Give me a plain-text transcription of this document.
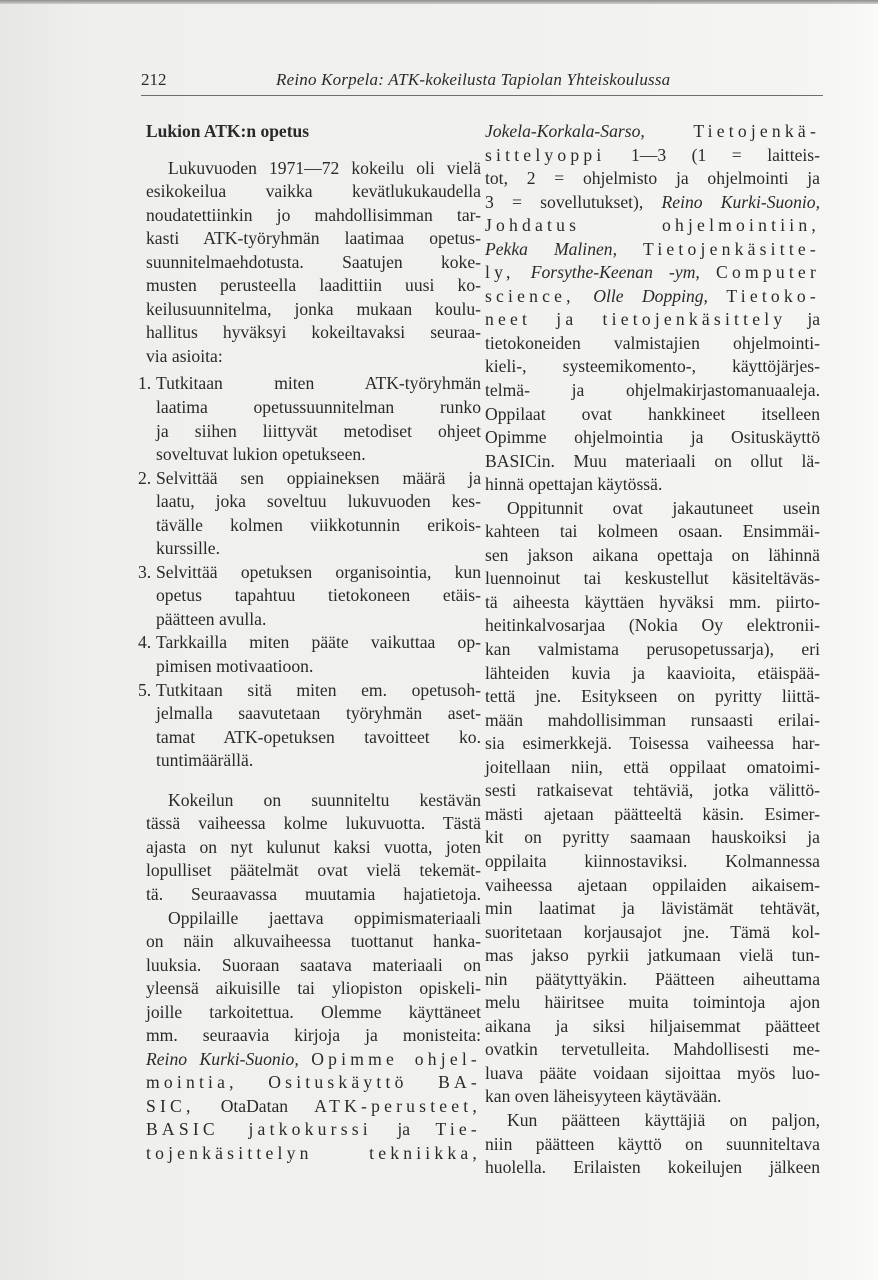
212	Reino Korpela: ATK-kokeilusta Tapiolan Yhteiskoulussa
Lukion ATK:n opetus
Lukuvuoden 1971—72 kokeilu oli vielä
esikokeilua vaikka kevätlukukaudella
noudatettiinkin jo mahdollisimman tar-
kasti ATK-työryhmän laatimaa opetus-
suunnitelmaehdotusta. Saatujen koke-
musten perusteella laadittiin uusi ko-
keilusuunnitelma, jonka mukaan koulu-
hallitus hyväksyi kokeiltavaksi seuraa-
via asioita:
1. Tutkitaan miten ATK-työryhmän
laatima opetussuunnitelman runko
ja siihen liittyvät metodiset ohjeet
soveltuvat lukion opetukseen.
2. Selvittää sen oppiaineksen määrä ja
laatu, joka soveltuu lukuvuoden kes-
tävälle kolmen viikkotunnin erikois-
kurssille.
3. Selvittää opetuksen organisointia, kun
opetus tapahtuu tietokoneen etäis-
päätteen avulla.
4. Tarkkailla miten pääte vaikuttaa op-
pimisen motivaatioon.
5. Tutkitaan sitä miten em. opetusoh-
jelmalla saavutetaan työryhmän aset-
tamat ATK-opetuksen tavoitteet ko.
tuntimäärällä.
Kokeilun on suunniteltu kestävän
tässä vaiheessa kolme lukuvuotta. Tästä
ajasta on nyt kulunut kaksi vuotta, joten
lopulliset päätelmät ovat vielä tekemät-
tä. Seuraavassa muutamia hajatietoja.
Oppilaille jaettava oppimismateriaali
on näin alkuvaiheessa tuottanut hanka-
luuksia. Suoraan saatava materiaali on
yleensä aikuisille tai yliopiston opiskeli-
joille tarkoitettua. Olemme käyttäneet
mm. seuraavia kirjoja ja monisteita:
Reino Kurki-Suonio, Opimme ohjel-
mointia, Osituskäyttö BA-
SIC, OtaDatan ATK-perusteet,
BASIC jatkokurssi ja Tie-
tojenkäsittelyn tekniikka,
Jokela-Korkala-Sarso,	Tietojenkä-
sittelyoppi 1—3 (1 = laitteis-
tot, 2 = ohjelmisto ja ohjelmointi ja
3 = sovellutukset), Reino Kurki-Suonio,
Johdatus ohjelmointiin,
Pekka Malinen, Tietojenkäsitte-
ly, Forsythe-Keenan -ym, Computer
science, Olle Dopping, Tietoko-
neet ja tietojenkäsittely ja
tietokoneiden valmistajien ohjelmointi-
kieli-, systeemikomento-, käyttöjärjes-
telmä- ja ohjelmakirjastomanuaaleja.
Oppilaat ovat hankkineet itselleen
Opimme ohjelmointia ja Osituskäyttö
BASICin. Muu materiaali on ollut lä-
hinnä opettajan käytössä.
Oppitunnit ovat jakautuneet usein
kahteen tai kolmeen osaan. Ensimmäi-
sen jakson aikana opettaja on lähinnä
luennoinut tai keskustellut käsiteltäväs-
tä aiheesta käyttäen hyväksi mm. piirto-
heitinkalvosarjaa (Nokia Oy elektronii-
kan valmistama perusopetussarja), eri
lähteiden kuvia ja kaavioita, etäispää-
tettä jne. Esitykseen on pyritty liittä-
mään mahdollisimman runsaasti erilai-
sia esimerkkejä. Toisessa vaiheessa har-
joitellaan niin, että oppilaat omatoimi-
sesti ratkaisevat tehtäviä, jotka välittö-
mästi ajetaan päätteeltä käsin. Esimer-
kit on pyritty saamaan hauskoiksi ja
oppilaita kiinnostaviksi. Kolmannessa
vaiheessa ajetaan oppilaiden aikaisem-
min laatimat ja lävistämät tehtävät,
suoritetaan korjausajot jne. Tämä kol-
mas jakso pyrkii jatkumaan vielä tun-
nin päätyttyäkin. Päätteen aiheuttama
melu häiritsee muita toimintoja ajon
aikana ja siksi hiljaisemmat päätteet
ovatkin tervetulleita. Mahdollisesti me-
luava pääte voidaan sijoittaa myös luo-
kan oven läheisyyteen käytävään.
Kun päätteen käyttäjiä on paljon,
niin päätteen käyttö on suunniteltava
huolella. Erilaisten kokeilujen jälkeen
